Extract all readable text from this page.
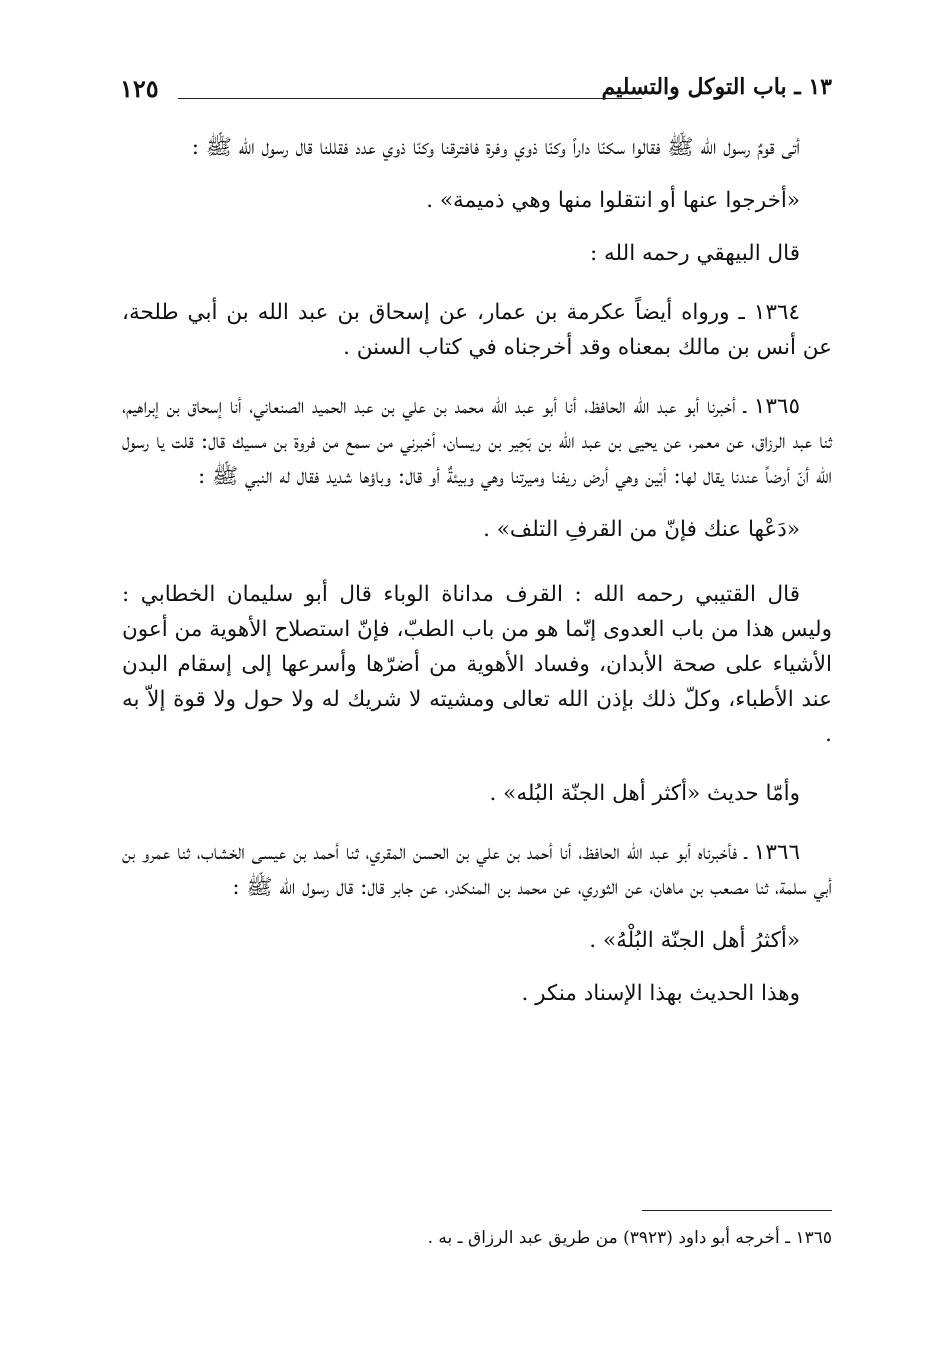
١٣ ـ باب التوكل والتسليم
١٢٥

أتى قومٌ رسول الله ﷺ فقالوا سكنّا داراً وكنّا ذوي وفرة فافترقنا وكنّا ذوي عدد فقللنا قال رسول الله ﷺ :

«أخرجوا عنها أو انتقلوا منها وهي ذميمة» .

قال البيهقي رحمه الله :

١٣٦٤ ـ ورواه أيضاً عكرمة بن عمار، عن إسحاق بن عبد الله بن أبي طلحة، عن أنس بن مالك بمعناه وقد أخرجناه في كتاب السنن .

١٣٦٥ ـ أخبرنا أبو عبد الله الحافظ، أنا أبو عبد الله محمد بن علي بن عبد الحميد الصنعاني، أنا إسحاق بن إبراهيم، ثنا عبد الرزاق، عن معمر، عن يحيى بن عبد الله بن بَحِير بن ريسان، أخبرني من سمع من فروة بن مسيك قال: قلت يا رسول الله أنّ أرضاً عندنا يقال لها: أبْين وهي أرض ريفنا وميرتنا وهي وبيئةٌ أو قال: وباؤها شديد فقال له النبي ﷺ :

«دَعْها عنك فإنّ من القرفِ التلف» .

قال القتيبي رحمه الله : القرف مداناة الوباء قال أبو سليمان الخطابي : وليس هذا من باب العدوى إنّما هو من باب الطبّ، فإنّ استصلاح الأهوية من أعون الأشياء على صحة الأبدان، وفساد الأهوية من أضرّها وأسرعها إلى إسقام البدن عند الأطباء، وكلّ ذلك بإذن الله تعالى ومشيته لا شريك له ولا حول ولا قوة إلاّ به .

وأمّا حديث «أكثر أهل الجنّة البُله» .

١٣٦٦ ـ فأخبرناه أبو عبد الله الحافظ، أنا أحمد بن علي بن الحسن المقري، ثنا أحمد بن عيسى الخشاب، ثنا عمرو بن أبي سلمة، ثنا مصعب بن ماهان، عن الثوري، عن محمد بن المنكدر، عن جابر قال: قال رسول الله ﷺ :

«أكثرُ أهل الجنّة البُلْهُ» .

وهذا الحديث بهذا الإسناد منكر .

١٣٦٥ ـ أخرجه أبو داود (٣٩٢٣) من طريق عبد الرزاق ـ به .
